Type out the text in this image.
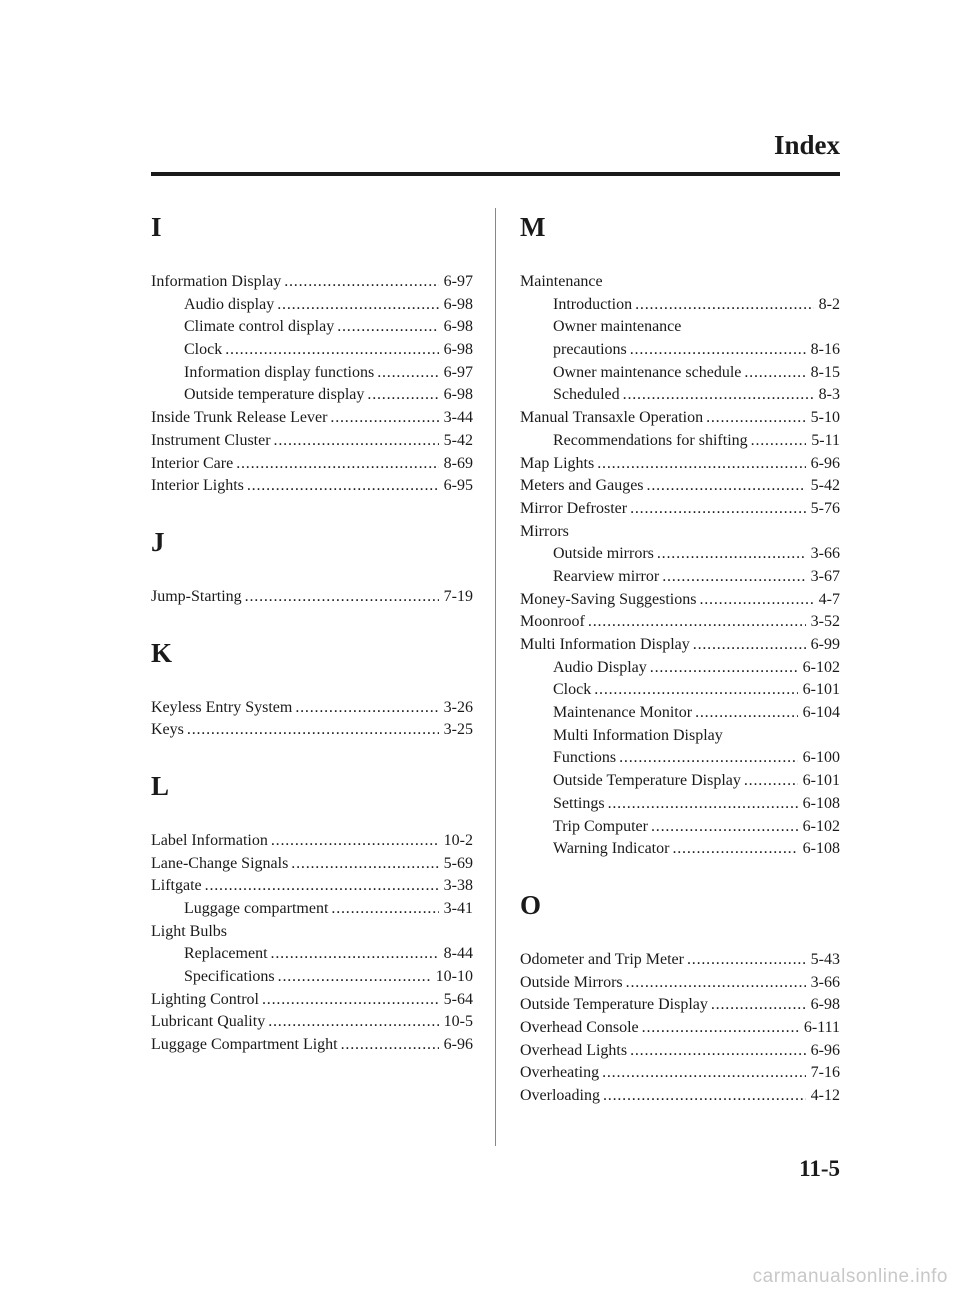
Index
I
Information Display . . .	6-97
Audio display . . .	6-98
Climate control display . . .	6-98
Clock . . .	6-98
Information display functions . . .	6-97
Outside temperature display . . .	6-98
Inside Trunk Release Lever . . .	3-44
Instrument Cluster . . .	5-42
Interior Care . . .	8-69
Interior Lights . . .	6-95
J
Jump-Starting . . .	7-19
K
Keyless Entry System . . .	3-26
Keys . . .	3-25
L
Label Information . . .	10-2
Lane-Change Signals . . .	5-69
Liftgate . . .	3-38
Luggage compartment . . .	3-41
Light Bulbs
Replacement . . .	8-44
Specifications . . .	10-10
Lighting Control . . .	5-64
Lubricant Quality . . .	10-5
Luggage Compartment Light . . .	6-96
M
Maintenance
Introduction . . .	8-2
Owner maintenance
precautions . . .	8-16
Owner maintenance schedule . . .	8-15
Scheduled . . .	8-3
Manual Transaxle Operation . . .	5-10
Recommendations for shifting . . .	5-11
Map Lights . . .	6-96
Meters and Gauges . . .	5-42
Mirror Defroster . . .	5-76
Mirrors
Outside mirrors . . .	3-66
Rearview mirror . . .	3-67
Money-Saving Suggestions . . .	4-7
Moonroof . . .	3-52
Multi Information Display . . .	6-99
Audio Display . . .	6-102
Clock . . .	6-101
Maintenance Monitor . . .	6-104
Multi Information Display
Functions . . .	6-100
Outside Temperature Display . . .	6-101
Settings . . .	6-108
Trip Computer . . .	6-102
Warning Indicator . . .	6-108
O
Odometer and Trip Meter . . .	5-43
Outside Mirrors . . .	3-66
Outside Temperature Display . . .	6-98
Overhead Console . . .	6-111
Overhead Lights . . .	6-96
Overheating . . .	7-16
Overloading . . .	4-12
11-5
carmanualsonline.info
